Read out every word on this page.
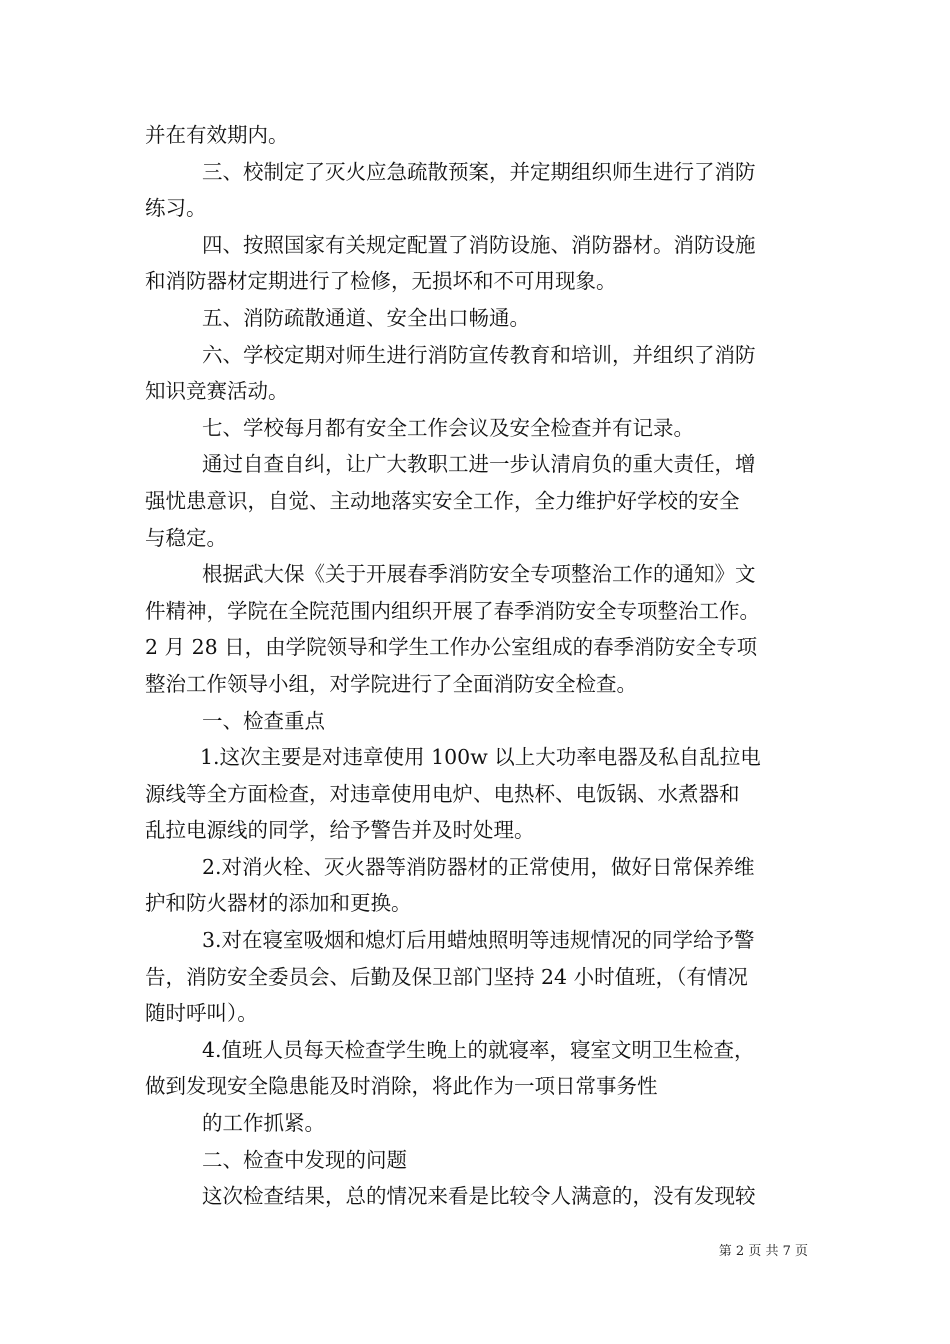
并在有效期内。
三、校制定了灭火应急疏散预案，并定期组织师生进行了消防
练习。
四、按照国家有关规定配置了消防设施、消防器材。消防设施
和消防器材定期进行了检修，无损坏和不可用现象。
五、消防疏散通道、安全出口畅通。
六、学校定期对师生进行消防宣传教育和培训，并组织了消防
知识竞赛活动。
七、学校每月都有安全工作会议及安全检查并有记录。
通过自查自纠，让广大教职工进一步认清肩负的重大责任，增
强忧患意识，自觉、主动地落实安全工作，全力维护好学校的安全
与稳定。
根据武大保《关于开展春季消防安全专项整治工作的通知》文
件精神，学院在全院范围内组织开展了春季消防安全专项整治工作。
2 月 28 日，由学院领导和学生工作办公室组成的春季消防安全专项
整治工作领导小组，对学院进行了全面消防安全检查。
一、检查重点
1.这次主要是对违章使用 100w 以上大功率电器及私自乱拉电
源线等全方面检查，对违章使用电炉、电热杯、电饭锅、水煮器和
乱拉电源线的同学，给予警告并及时处理。
2.对消火栓、灭火器等消防器材的正常使用，做好日常保养维
护和防火器材的添加和更换。
3.对在寝室吸烟和熄灯后用蜡烛照明等违规情况的同学给予警
告，消防安全委员会、后勤及保卫部门坚持 24 小时值班，（有情况
随时呼叫）。
4.值班人员每天检查学生晚上的就寝率，寝室文明卫生检查，
做到发现安全隐患能及时消除，将此作为一项日常事务性
的工作抓紧。
二、检查中发现的问题
这次检查结果，总的情况来看是比较令人满意的，没有发现较
第 2 页 共 7 页
